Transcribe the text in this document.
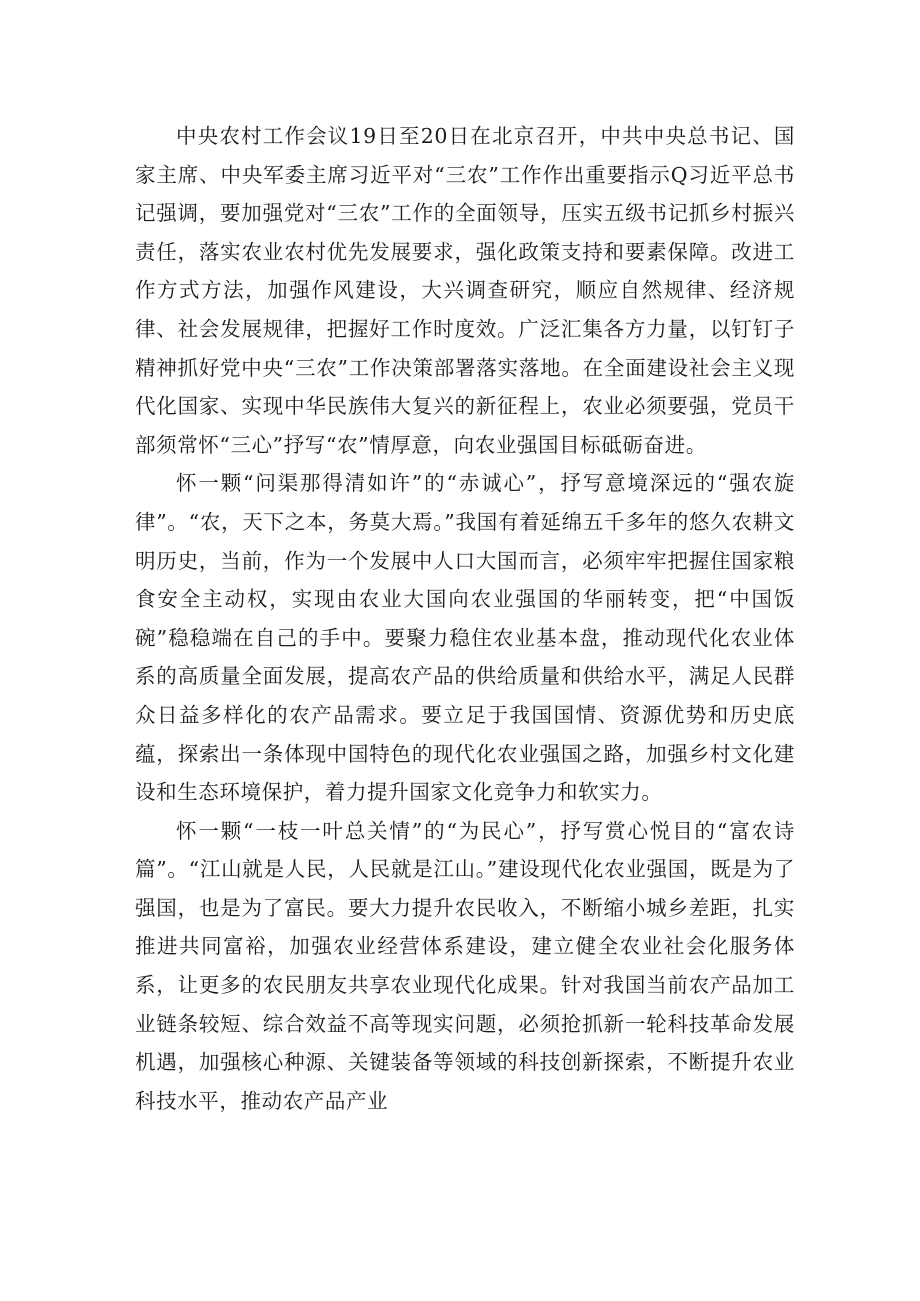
中央农村工作会议19日至20日在北京召开，中共中央总书记、国家主席、中央军委主席习近平对“三农”工作作出重要指示Q习近平总书记强调，要加强党对“三农”工作的全面领导，压实五级书记抓乡村振兴责任，落实农业农村优先发展要求，强化政策支持和要素保障。改进工作方式方法，加强作风建设，大兴调查研究，顺应自然规律、经济规律、社会发展规律，把握好工作时度效。广泛汇集各方力量，以钉钉子精神抓好党中央“三农”工作决策部署落实落地。在全面建设社会主义现代化国家、实现中华民族伟大复兴的新征程上，农业必须要强，党员干部须常怀“三心”抒写“农”情厚意，向农业强国目标砥砺奋进。

怀一颗“问渠那得清如许”的“赤诚心”，抒写意境深远的“强农旋律”。“农，天下之本，务莫大焉。”我国有着延绵五千多年的悠久农耕文明历史，当前，作为一个发展中人口大国而言，必须牢牢把握住国家粮食安全主动权，实现由农业大国向农业强国的华丽转变，把“中国饭碗”稳稳端在自己的手中。要聚力稳住农业基本盘，推动现代化农业体系的高质量全面发展，提高农产品的供给质量和供给水平，满足人民群众日益多样化的农产品需求。要立足于我国国情、资源优势和历史底蕴，探索出一条体现中国特色的现代化农业强国之路，加强乡村文化建设和生态环境保护，着力提升国家文化竞争力和软实力。

怀一颗“一枝一叶总关情”的“为民心”，抒写赏心悦目的“富农诗篇”。“江山就是人民，人民就是江山。”建设现代化农业强国，既是为了强国，也是为了富民。要大力提升农民收入，不断缩小城乡差距，扎实推进共同富裕，加强农业经营体系建设，建立健全农业社会化服务体系，让更多的农民朋友共享农业现代化成果。针对我国当前农产品加工业链条较短、综合效益不高等现实问题，必须抢抓新一轮科技革命发展机遇，加强核心种源、关键装备等领域的科技创新探索，不断提升农业科技水平，推动农产品产业
